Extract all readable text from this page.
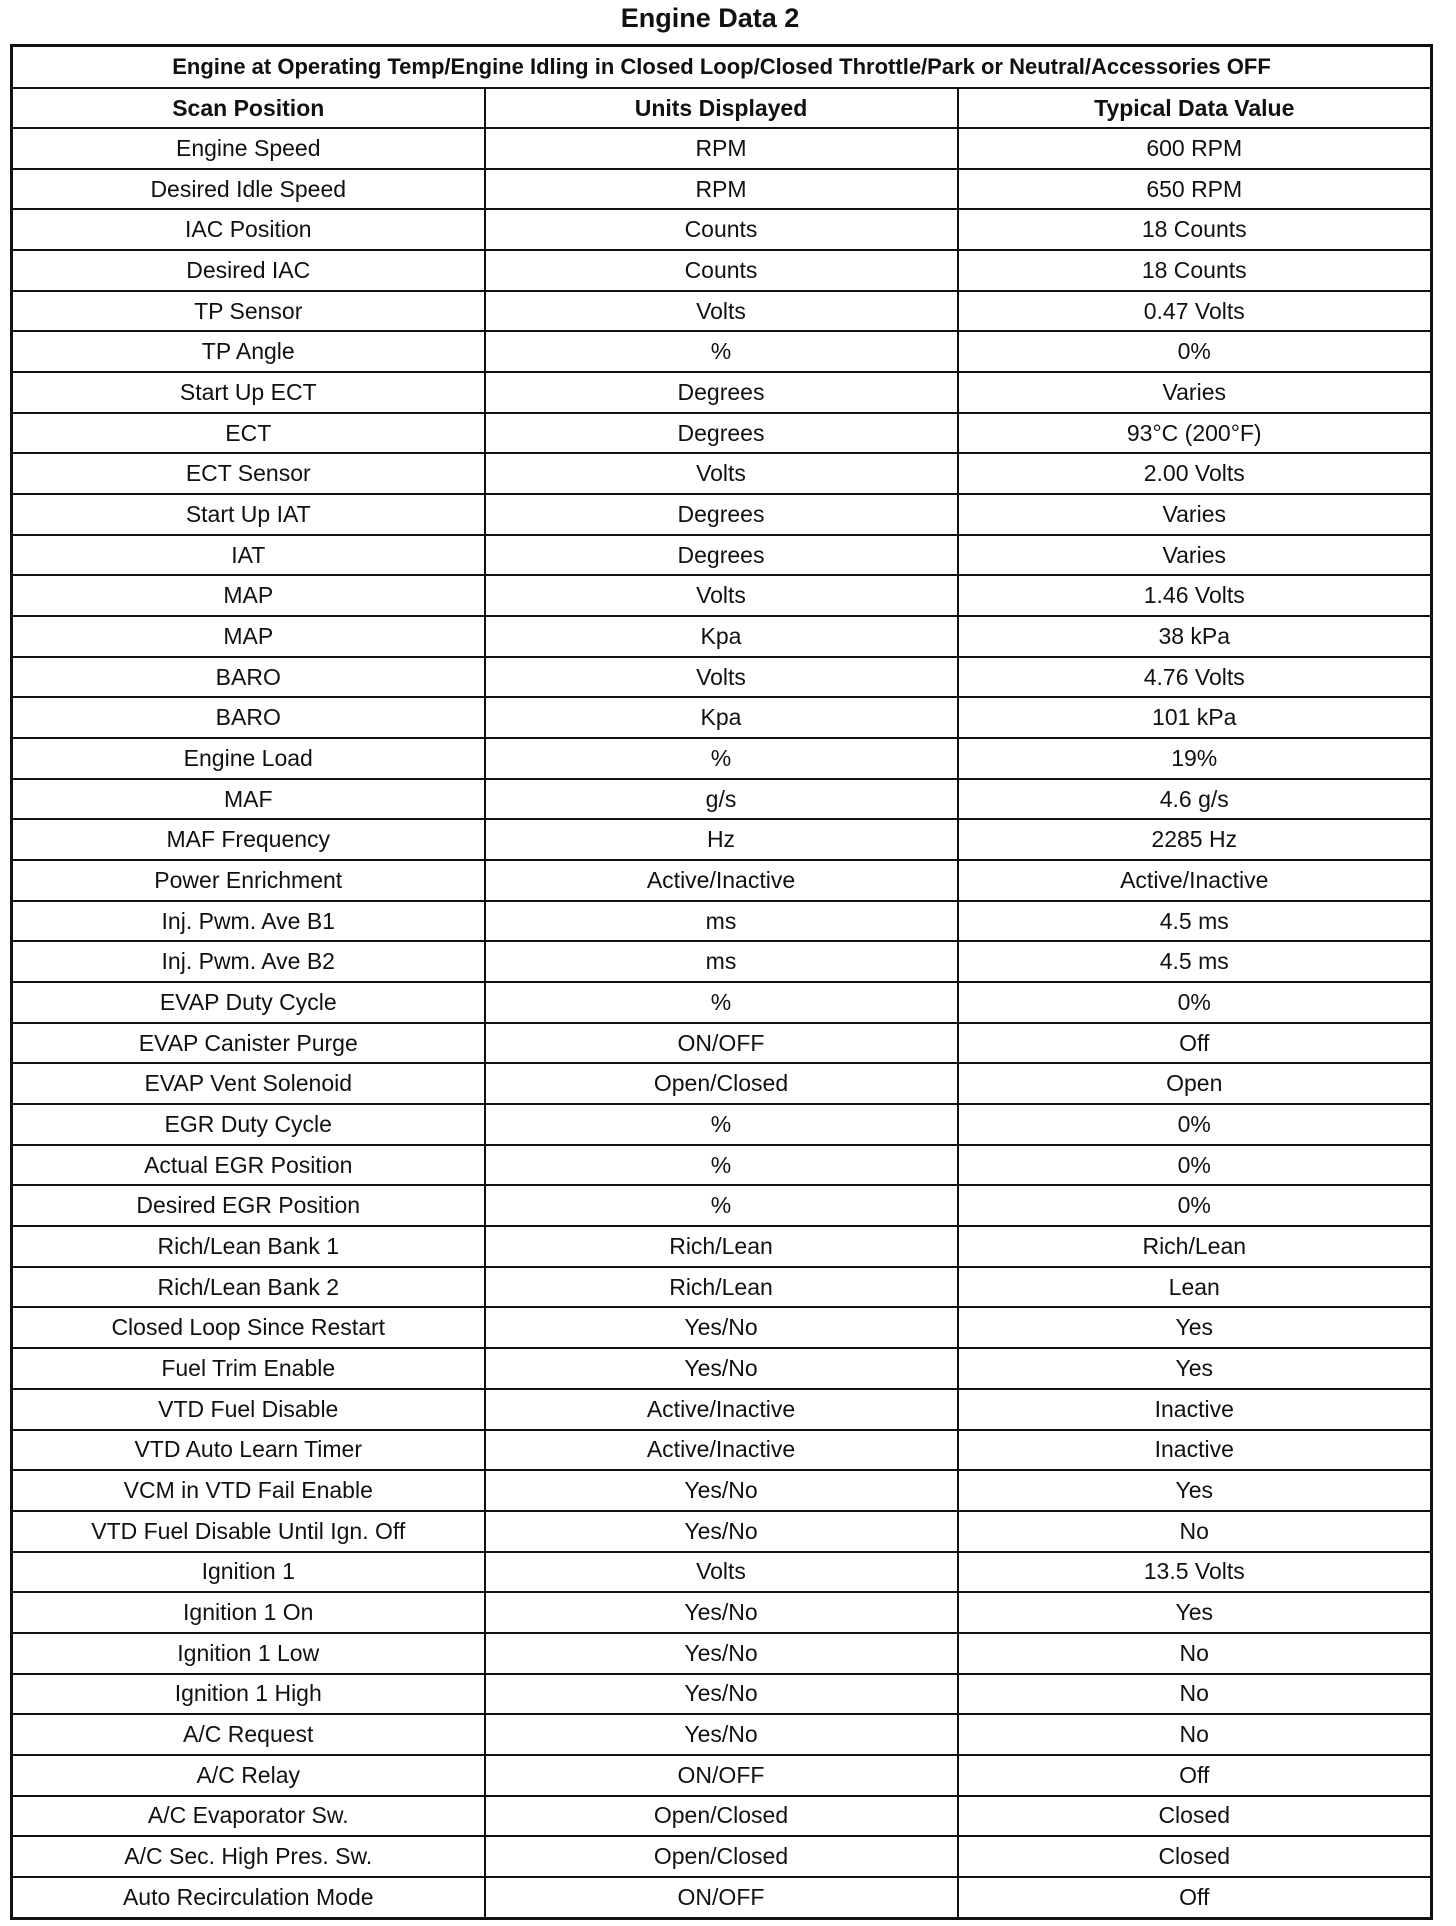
Engine Data 2
Engine at Operating Temp/Engine Idling in Closed Loop/Closed Throttle/Park or Neutral/Accessories OFF		
Scan Position	Units Displayed	Typical Data Value
Engine Speed	RPM	600 RPM
Desired Idle Speed	RPM	650 RPM
IAC Position	Counts	18 Counts
Desired IAC	Counts	18 Counts
TP Sensor	Volts	0.47 Volts
TP Angle	%	0%
Start Up ECT	Degrees	Varies
ECT	Degrees	93°C (200°F)
ECT Sensor	Volts	2.00 Volts
Start Up IAT	Degrees	Varies
IAT	Degrees	Varies
MAP	Volts	1.46 Volts
MAP	Kpa	38 kPa
BARO	Volts	4.76 Volts
BARO	Kpa	101 kPa
Engine Load	%	19%
MAF	g/s	4.6 g/s
MAF Frequency	Hz	2285 Hz
Power Enrichment	Active/Inactive	Active/Inactive
Inj. Pwm. Ave B1	ms	4.5 ms
Inj. Pwm. Ave B2	ms	4.5 ms
EVAP Duty Cycle	%	0%
EVAP Canister Purge	ON/OFF	Off
EVAP Vent Solenoid	Open/Closed	Open
EGR Duty Cycle	%	0%
Actual EGR Position	%	0%
Desired EGR Position	%	0%
Rich/Lean Bank 1	Rich/Lean	Rich/Lean
Rich/Lean Bank 2	Rich/Lean	Lean
Closed Loop Since Restart	Yes/No	Yes
Fuel Trim Enable	Yes/No	Yes
VTD Fuel Disable	Active/Inactive	Inactive
VTD Auto Learn Timer	Active/Inactive	Inactive
VCM in VTD Fail Enable	Yes/No	Yes
VTD Fuel Disable Until Ign. Off	Yes/No	No
Ignition 1	Volts	13.5 Volts
Ignition 1 On	Yes/No	Yes
Ignition 1 Low	Yes/No	No
Ignition 1 High	Yes/No	No
A/C Request	Yes/No	No
A/C Relay	ON/OFF	Off
A/C Evaporator Sw.	Open/Closed	Closed
A/C Sec. High Pres. Sw.	Open/Closed	Closed
Auto Recirculation Mode	ON/OFF	Off
